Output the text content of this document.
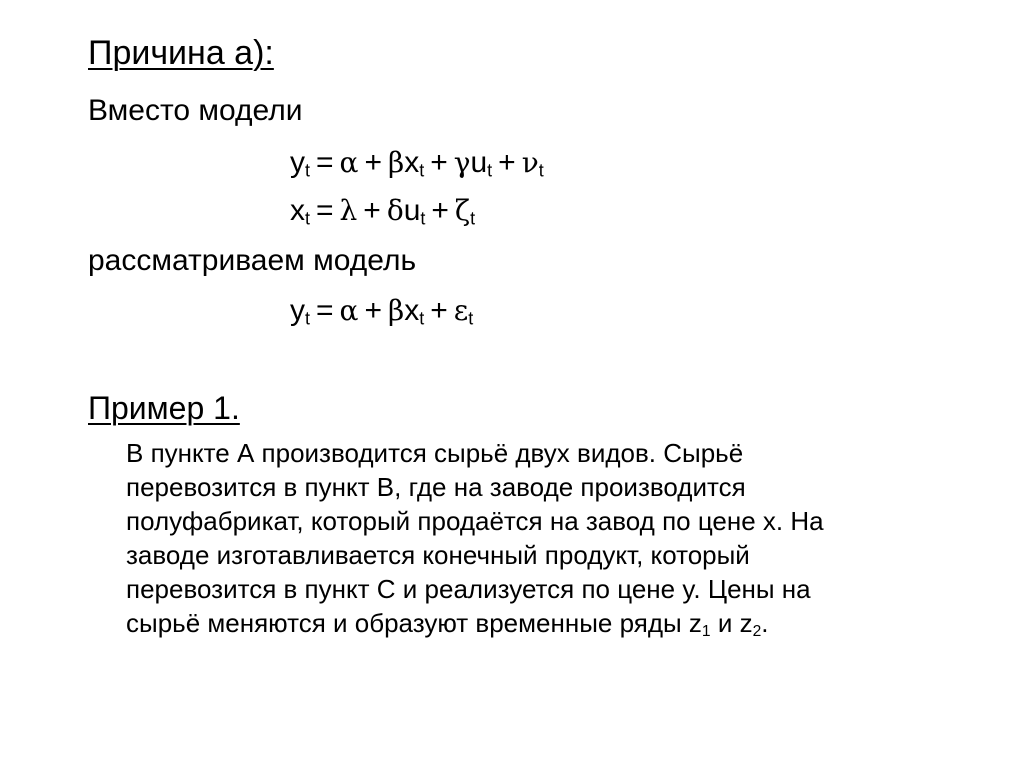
Причина а):
Вместо модели
$y_t = \alpha + \beta x_t + \gamma u_t + \nu_t$
$x_t = \lambda + \delta u_t + \zeta_t$
рассматриваем модель
$y_t = \alpha + \beta x_t + \varepsilon_t$
Пример 1.
В пункте А производится сырьё двух видов. Сырьё
перевозится в пункт В, где на заводе производится
полуфабрикат, который продаётся на завод по цене x. На
заводе изготавливается конечный продукт, который
перевозится в пункт С и реализуется по цене y. Цены на
сырьё меняются и образуют временные ряды $z_1$ и $z_2$.
